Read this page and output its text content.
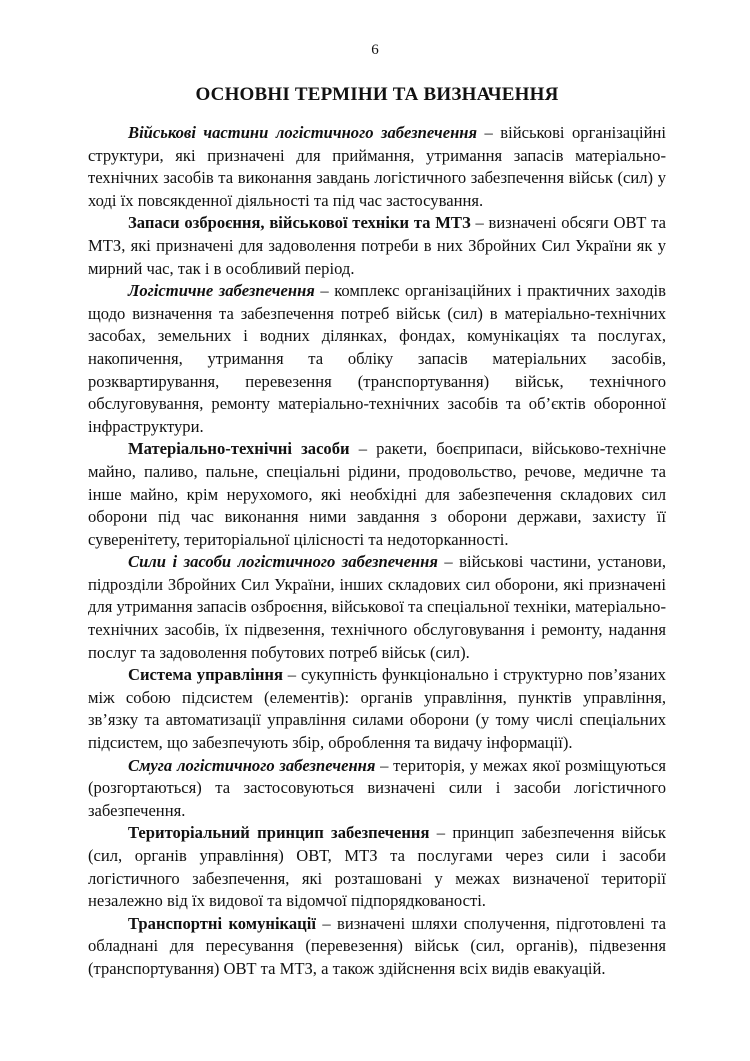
6
ОСНОВНІ ТЕРМІНИ ТА ВИЗНАЧЕННЯ

Військові частини логістичного забезпечення – військові організаційні структури, які призначені для приймання, утримання запасів матеріально-технічних засобів та виконання завдань логістичного забезпечення військ (сил) у ході їх повсякденної діяльності та під час застосування.

Запаси озброєння, військової техніки та МТЗ – визначені обсяги ОВТ та МТЗ, які призначені для задоволення потреби в них Збройних Сил України як у мирний час, так і в особливий період.

Логістичне забезпечення – комплекс організаційних і практичних заходів щодо визначення та забезпечення потреб військ (сил) в матеріально-технічних засобах, земельних і водних ділянках, фондах, комунікаціях та послугах, накопичення, утримання та обліку запасів матеріальних засобів, розквартирування, перевезення (транспортування) військ, технічного обслуговування, ремонту матеріально-технічних засобів та об’єктів оборонної інфраструктури.

Матеріально-технічні засоби – ракети, боєприпаси, військово-технічне майно, паливо, пальне, спеціальні рідини, продовольство, речове, медичне та інше майно, крім нерухомого, які необхідні для забезпечення складових сил оборони під час виконання ними завдання з оборони держави, захисту її суверенітету, територіальної цілісності та недоторканності.

Сили і засоби логістичного забезпечення – військові частини, установи, підрозділи Збройних Сил України, інших складових сил оборони, які призначені для утримання запасів озброєння, військової та спеціальної техніки, матеріально-технічних засобів, їх підвезення, технічного обслуговування і ремонту, надання послуг та задоволення побутових потреб військ (сил).

Система управління – сукупність функціонально і структурно пов’язаних між собою підсистем (елементів): органів управління, пунктів управління, зв’язку та автоматизації управління силами оборони (у тому числі спеціальних підсистем, що забезпечують збір, оброблення та видачу інформації).

Смуга логістичного забезпечення – територія, у межах якої розміщуються (розгортаються) та застосовуються визначені сили і засоби логістичного забезпечення.

Територіальний принцип забезпечення – принцип забезпечення військ (сил, органів управління) ОВТ, МТЗ та послугами через сили і засоби логістичного забезпечення, які розташовані у межах визначеної території незалежно від їх видової та відомчої підпорядкованості.

Транспортні комунікації – визначені шляхи сполучення, підготовлені та обладнані для пересування (перевезення) військ (сил, органів), підвезення (транспортування) ОВТ та МТЗ, а також здійснення всіх видів евакуацій.
